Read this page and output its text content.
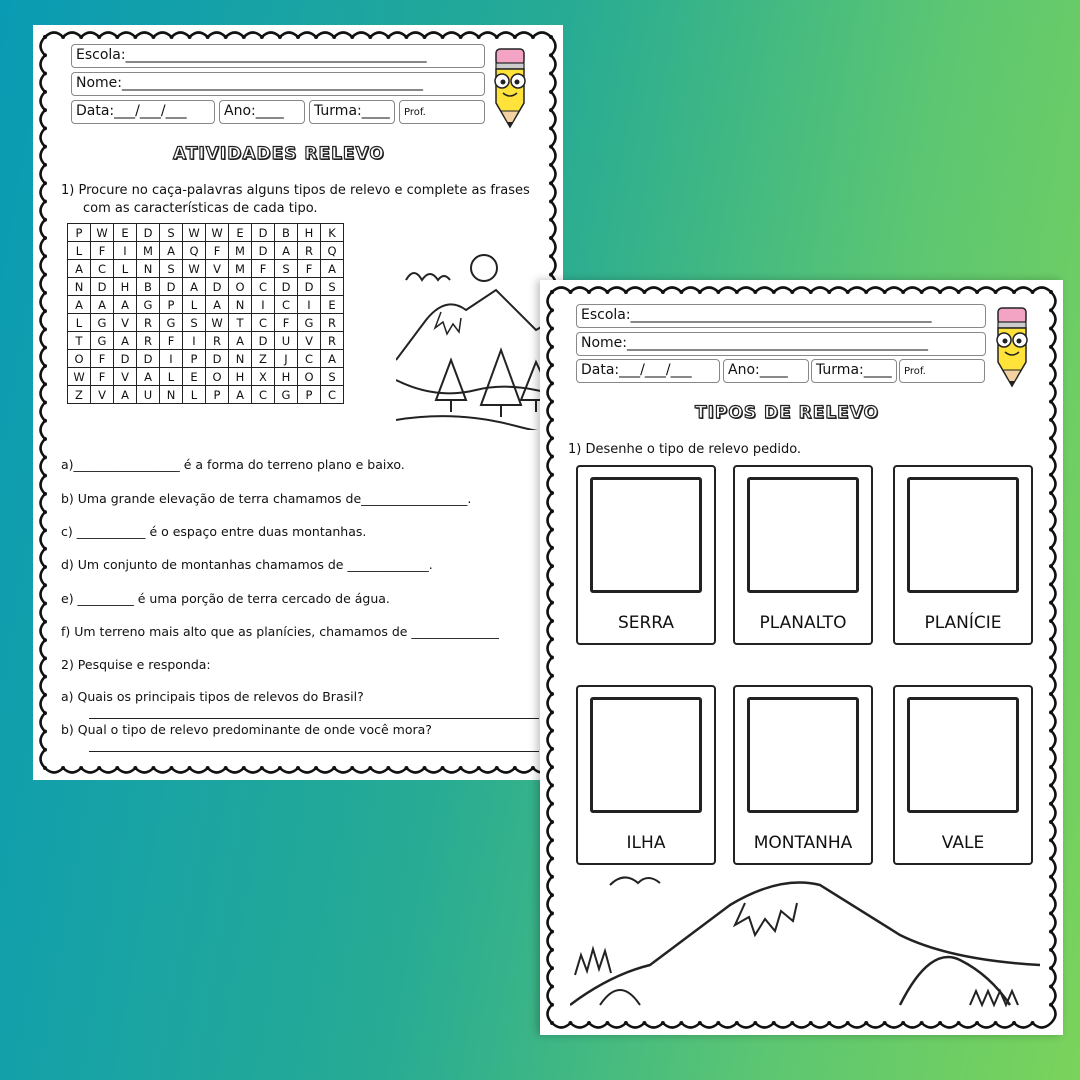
Escola:___________________________________________
Nome:___________________________________________
Data:___/___/___	Ano:____	Turma:____	Prof.
ATIVIDADES RELEVO
1) Procure no caça-palavras alguns tipos de relevo e complete as frases
com as características de cada tipo.
P	W	E	D	S	W	W	E	D	B	H	K
L	F	I	M	A	Q	F	M	D	A	R	Q
A	C	L	N	S	W	V	M	F	S	F	A
N	D	H	B	D	A	D	O	C	D	D	S
A	A	A	G	P	L	A	N	I	C	I	E
L	G	V	R	G	S	W	T	C	F	G	R
T	G	A	R	F	I	R	A	D	U	V	R
O	F	D	D	I	P	D	N	Z	J	C	A
W	F	V	A	L	E	O	H	X	H	O	S
Z	V	A	U	N	L	P	A	C	G	P	C
a)_________________ é a forma do terreno plano e baixo.
b) Uma grande elevação de terra chamamos de_________________.
c) ___________ é o espaço entre duas montanhas.
d) Um conjunto de montanhas chamamos de _____________.
e) _________ é uma porção de terra cercado de água.
f) Um terreno mais alto que as planícies, chamamos de ______________
2) Pesquise e responda:
a) Quais os principais tipos de relevos do Brasil?
b) Qual o tipo de relevo predominante de onde você mora?
Escola:___________________________________________
Nome:___________________________________________
Data:___/___/___	Ano:____	Turma:____	Prof.
TIPOS DE RELEVO
1) Desenhe o tipo de relevo pedido.
SERRA	PLANALTO	PLANÍCIE
ILHA	MONTANHA	VALE
